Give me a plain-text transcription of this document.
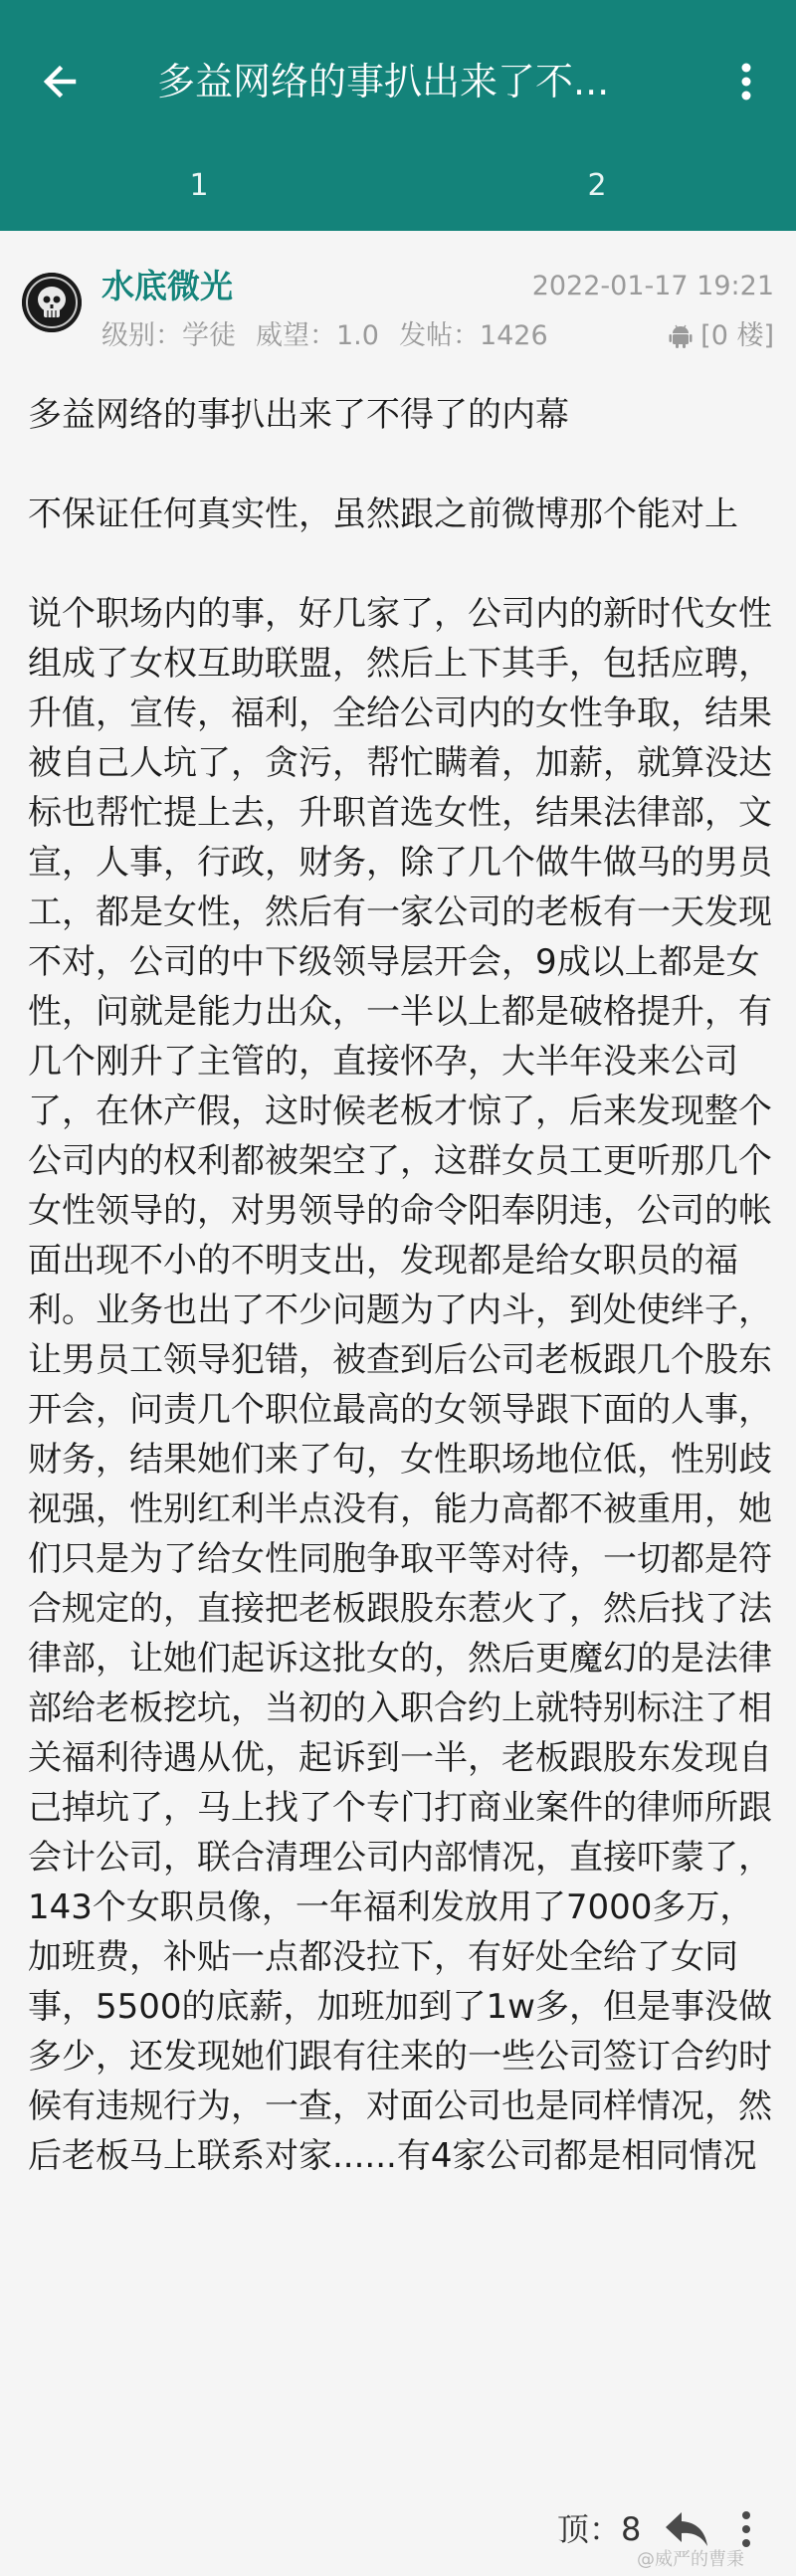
多益网络的事扒出来了不...
1	2
水底微光	2022-01-17 19:21
级别： 学徒 威望： 1.0 发帖： 1426	[0 楼]

多益网络的事扒出来了不得了的内幕

不保证任何真实性，虽然跟之前微博那个能对上

说个职场内的事，好几家了，公司内的新时代女性组成了女权互助联盟，然后上下其手，包括应聘，升值，宣传，福利，全给公司内的女性争取，结果被自己人坑了，贪污，帮忙瞒着，加薪，就算没达标也帮忙提上去，升职首选女性，结果法律部，文宣，人事，行政，财务，除了几个做牛做马的男员工，都是女性，然后有一家公司的老板有一天发现不对，公司的中下级领导层开会，9成以上都是女性，问就是能力出众，一半以上都是破格提升，有几个刚升了主管的，直接怀孕，大半年没来公司了，在休产假，这时候老板才惊了，后来发现整个公司内的权利都被架空了，这群女员工更听那几个女性领导的，对男领导的命令阳奉阴违，公司的帐面出现不小的不明支出，发现都是给女职员的福利。业务也出了不少问题为了内斗，到处使绊子，让男员工领导犯错，被查到后公司老板跟几个股东开会，问责几个职位最高的女领导跟下面的人事，财务，结果她们来了句，女性职场地位低，性别歧视强，性别红利半点没有，能力高都不被重用，她们只是为了给女性同胞争取平等对待，一切都是符合规定的，直接把老板跟股东惹火了，然后找了法律部，让她们起诉这批女的，然后更魔幻的是法律部给老板挖坑，当初的入职合约上就特别标注了相关福利待遇从优，起诉到一半，老板跟股东发现自己掉坑了，马上找了个专门打商业案件的律师所跟会计公司，联合清理公司内部情况，直接吓蒙了，143个女职员像，一年福利发放用了7000多万，加班费，补贴一点都没拉下，有好处全给了女同事，5500的底薪，加班加到了1w多，但是事没做多少，还发现她们跟有往来的一些公司签订合约时候有违规行为，一查，对面公司也是同样情况，然后老板马上联系对家......有4家公司都是相同情况

顶：8
@威严的曹秉
